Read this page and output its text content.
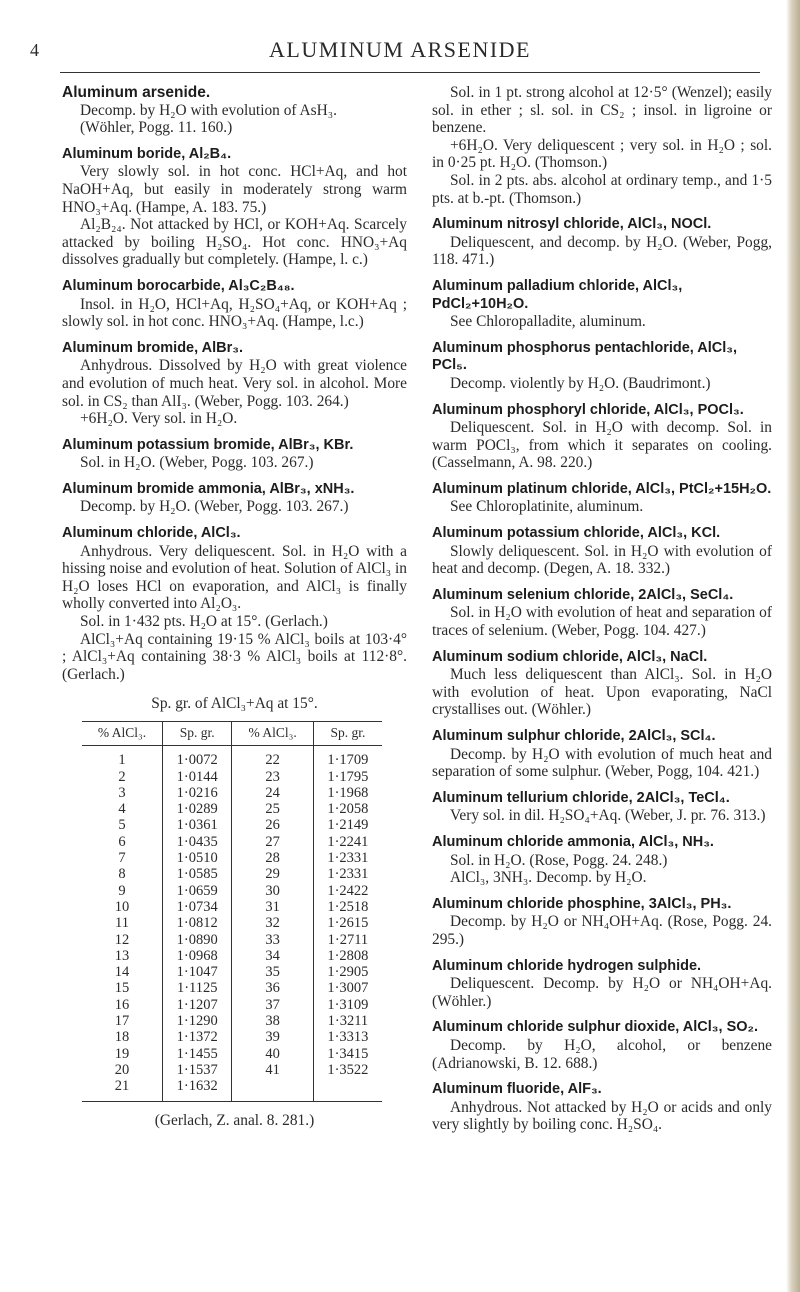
4	ALUMINUM ARSENIDE
Aluminum arsenide.

Decomp. by H₂O with evolution of AsH₃.

(Wöhler, Pogg. 11. 160.)

Aluminum boride, Al₂B₄.

Very slowly sol. in hot conc. HCl+Aq, and hot NaOH+Aq, but easily in moderately strong warm HNO₃+Aq. (Hampe, A. 183. 75.)

Al₂B₂₄. Not attacked by HCl, or KOH+Aq. Scarcely attacked by boiling H₂SO₄. Hot conc. HNO₃+Aq dissolves gradually but completely. (Hampe, l. c.)

Aluminum borocarbide, Al₃C₂B₄₈.

Insol. in H₂O, HCl+Aq, H₂SO₄+Aq, or KOH+Aq ; slowly sol. in hot conc. HNO₃+Aq. (Hampe, l.c.)

Aluminum bromide, AlBr₃.

Anhydrous. Dissolved by H₂O with great violence and evolution of much heat. Very sol. in alcohol. More sol. in CS₂ than AlI₃. (Weber, Pogg. 103. 264.)

+6H₂O. Very sol. in H₂O.

Aluminum potassium bromide, AlBr₃, KBr.

Sol. in H₂O. (Weber, Pogg. 103. 267.)

Aluminum bromide ammonia, AlBr₃, xNH₃.

Decomp. by H₂O. (Weber, Pogg. 103. 267.)

Aluminum chloride, AlCl₃.

Anhydrous. Very deliquescent. Sol. in H₂O with a hissing noise and evolution of heat. Solution of AlCl₃ in H₂O loses HCl on evaporation, and AlCl₃ is finally wholly converted into Al₂O₃.

Sol. in 1·432 pts. H₂O at 15°. (Gerlach.)

AlCl₃+Aq containing 19·15 % AlCl₃ boils at 103·4° ; AlCl₃+Aq containing 38·3 % AlCl₃ boils at 112·8°. (Gerlach.)

Sp. gr. of AlCl₃+Aq at 15°.
% AlCl₃.	Sp. gr.	% AlCl₃.	Sp. gr.
1	1·0072	22	1·1709
2	1·0144	23	1·1795
3	1·0216	24	1·1968
4	1·0289	25	1·2058
5	1·0361	26	1·2149
6	1·0435	27	1·2241
7	1·0510	28	1·2331
8	1·0585	29	1·2331
9	1·0659	30	1·2422
10	1·0734	31	1·2518
11	1·0812	32	1·2615
12	1·0890	33	1·2711
13	1·0968	34	1·2808
14	1·1047	35	1·2905
15	1·1125	36	1·3007
16	1·1207	37	1·3109
17	1·1290	38	1·3211
18	1·1372	39	1·3313
19	1·1455	40	1·3415
20	1·1537	41	1·3522
21	1·1632		
(Gerlach, Z. anal. 8. 281.)

Sol. in 1 pt. strong alcohol at 12·5° (Wenzel); easily sol. in ether ; sl. sol. in CS₂ ; insol. in ligroine or benzene.

+6H₂O. Very deliquescent ; very sol. in H₂O ; sol. in 0·25 pt. H₂O. (Thomson.)

Sol. in 2 pts. abs. alcohol at ordinary temp., and 1·5 pts. at b.-pt. (Thomson.)

Aluminum nitrosyl chloride, AlCl₃, NOCl.

Deliquescent, and decomp. by H₂O. (Weber, Pogg, 118. 471.)

Aluminum palladium chloride, AlCl₃, PdCl₂+10H₂O.

See Chloropalladite, aluminum.

Aluminum phosphorus pentachloride, AlCl₃, PCl₅.

Decomp. violently by H₂O. (Baudrimont.)

Aluminum phosphoryl chloride, AlCl₃, POCl₃.

Deliquescent. Sol. in H₂O with decomp. Sol. in warm POCl₃, from which it separates on cooling. (Casselmann, A. 98. 220.)

Aluminum platinum chloride, AlCl₃, PtCl₂+15H₂O.

See Chloroplatinite, aluminum.

Aluminum potassium chloride, AlCl₃, KCl.

Slowly deliquescent. Sol. in H₂O with evolution of heat and decomp. (Degen, A. 18. 332.)

Aluminum selenium chloride, 2AlCl₃, SeCl₄.

Sol. in H₂O with evolution of heat and separation of traces of selenium. (Weber, Pogg. 104. 427.)

Aluminum sodium chloride, AlCl₃, NaCl.

Much less deliquescent than AlCl₃. Sol. in H₂O with evolution of heat. Upon evaporating, NaCl crystallises out. (Wöhler.)

Aluminum sulphur chloride, 2AlCl₃, SCl₄.

Decomp. by H₂O with evolution of much heat and separation of some sulphur. (Weber, Pogg, 104. 421.)

Aluminum tellurium chloride, 2AlCl₃, TeCl₄.

Very sol. in dil. H₂SO₄+Aq. (Weber, J. pr. 76. 313.)

Aluminum chloride ammonia, AlCl₃, NH₃.

Sol. in H₂O. (Rose, Pogg. 24. 248.)

AlCl₃, 3NH₃. Decomp. by H₂O.

Aluminum chloride phosphine, 3AlCl₃, PH₃.

Decomp. by H₂O or NH₄OH+Aq. (Rose, Pogg. 24. 295.)

Aluminum chloride hydrogen sulphide.

Deliquescent. Decomp. by H₂O or NH₄OH+Aq. (Wöhler.)

Aluminum chloride sulphur dioxide, AlCl₃, SO₂.

Decomp. by H₂O, alcohol, or benzene (Adrianowski, B. 12. 688.)

Aluminum fluoride, AlF₃.

Anhydrous. Not attacked by H₂O or acids and only very slightly by boiling conc. H₂SO₄.
